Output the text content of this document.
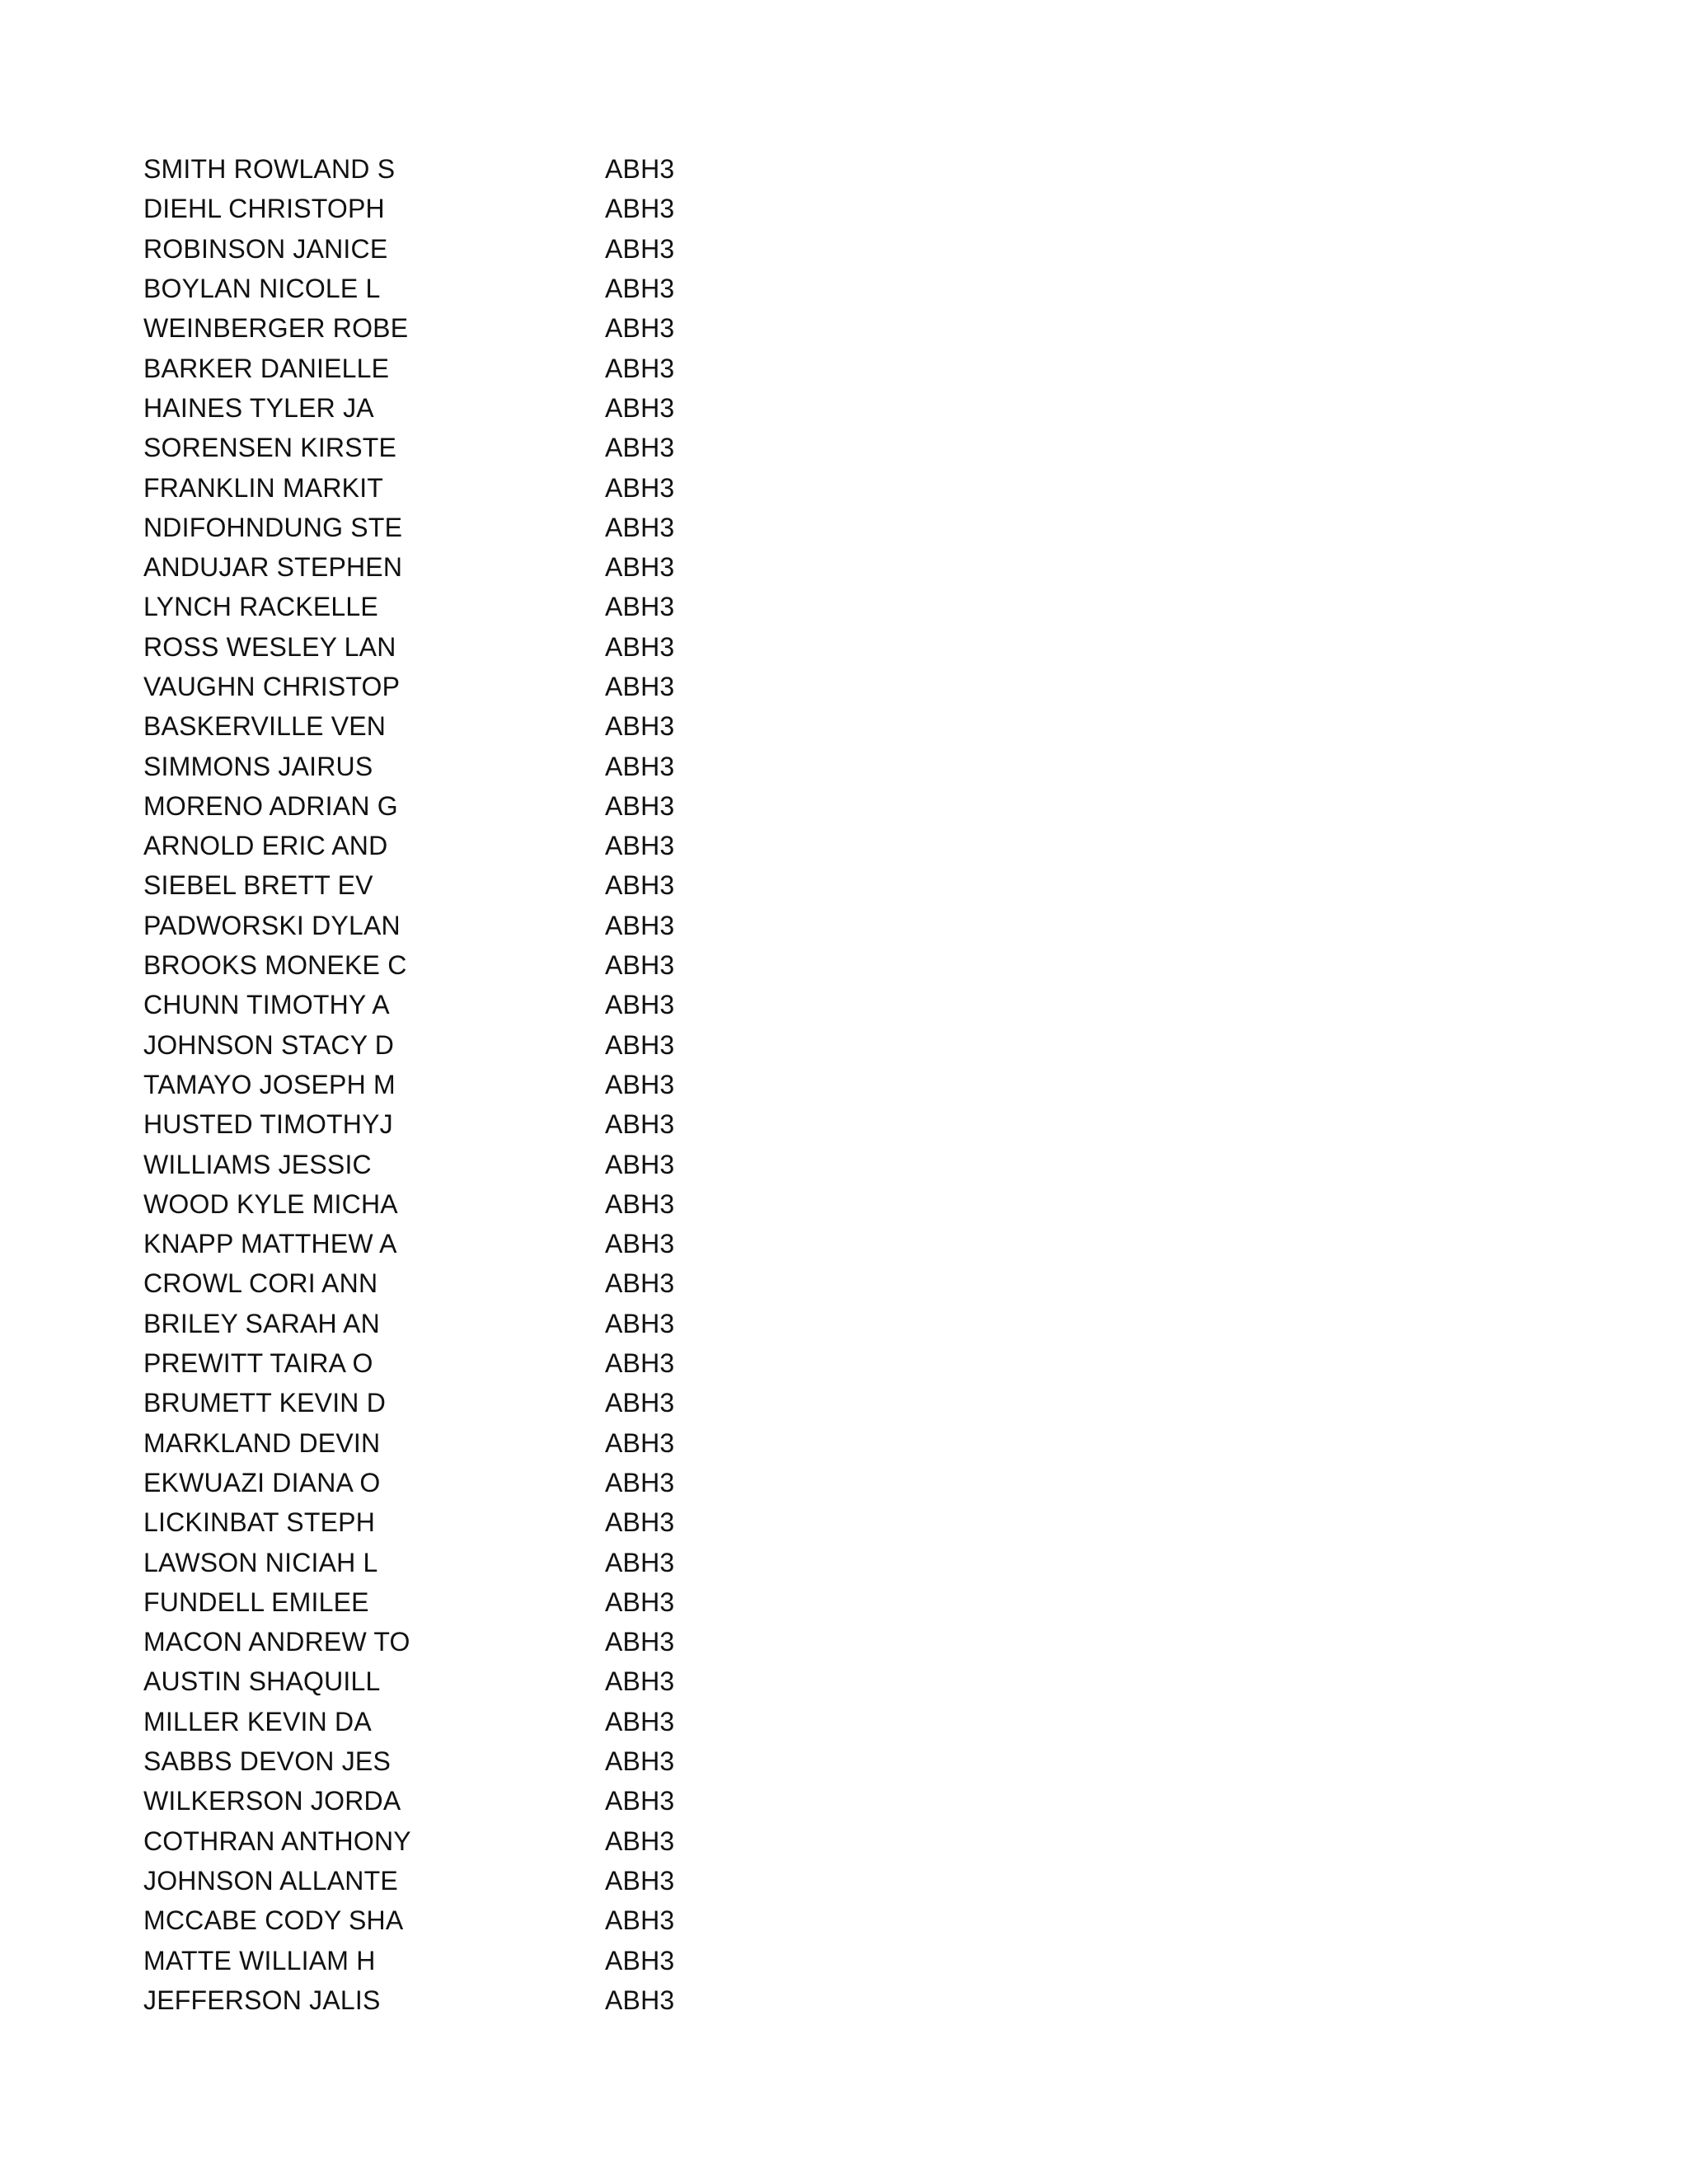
SMITH ROWLAND S	ABH3
DIEHL CHRISTOPH	ABH3
ROBINSON JANICE	ABH3
BOYLAN NICOLE L	ABH3
WEINBERGER ROBE	ABH3
BARKER DANIELLE	ABH3
HAINES TYLER JA	ABH3
SORENSEN KIRSTE	ABH3
FRANKLIN MARKIT	ABH3
NDIFOHNDUNG STE	ABH3
ANDUJAR STEPHEN	ABH3
LYNCH RACKELLE	ABH3
ROSS WESLEY LAN	ABH3
VAUGHN CHRISTOP	ABH3
BASKERVILLE VEN	ABH3
SIMMONS JAIRUS	ABH3
MORENO ADRIAN G	ABH3
ARNOLD ERIC AND	ABH3
SIEBEL BRETT EV	ABH3
PADWORSKI DYLAN	ABH3
BROOKS MONEKE C	ABH3
CHUNN TIMOTHY A	ABH3
JOHNSON STACY D	ABH3
TAMAYO JOSEPH M	ABH3
HUSTED TIMOTHYJ	ABH3
WILLIAMS JESSIC	ABH3
WOOD KYLE MICHA	ABH3
KNAPP MATTHEW A	ABH3
CROWL CORI ANN	ABH3
BRILEY SARAH AN	ABH3
PREWITT TAIRA O	ABH3
BRUMETT KEVIN D	ABH3
MARKLAND DEVIN	ABH3
EKWUAZI DIANA O	ABH3
LICKINBAT STEPH	ABH3
LAWSON NICIAH L	ABH3
FUNDELL EMILEE	ABH3
MACON ANDREW TO	ABH3
AUSTIN SHAQUILL	ABH3
MILLER KEVIN DA	ABH3
SABBS DEVON JES	ABH3
WILKERSON JORDA	ABH3
COTHRAN ANTHONY	ABH3
JOHNSON ALLANTE	ABH3
MCCABE CODY SHA	ABH3
MATTE WILLIAM H	ABH3
JEFFERSON JALIS	ABH3
